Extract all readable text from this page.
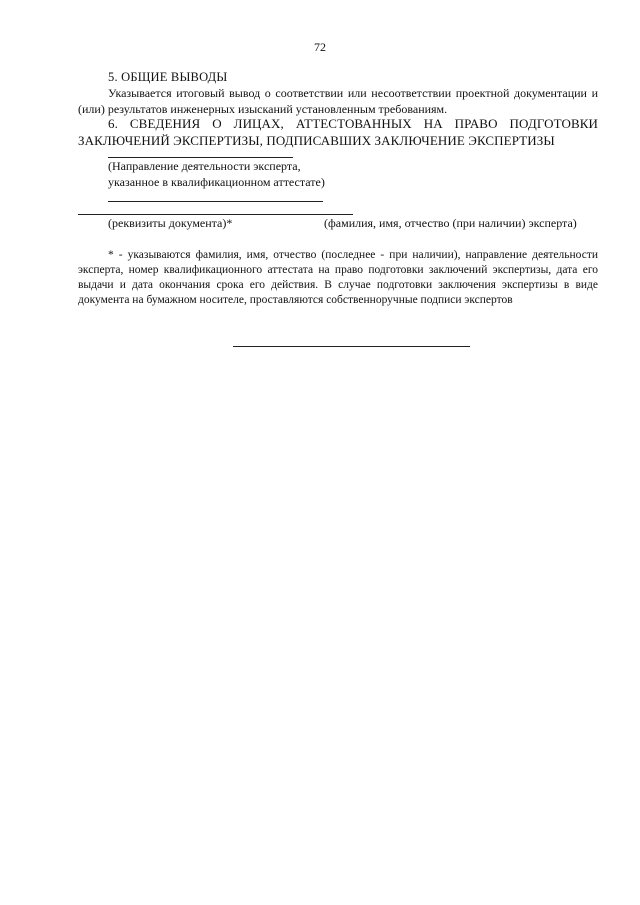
72
5. ОБЩИЕ ВЫВОДЫ
Указывается итоговый вывод о соответствии или несоответствии проектной документации и (или) результатов инженерных изысканий установленным требованиям.
6. СВЕДЕНИЯ О ЛИЦАХ, АТТЕСТОВАННЫХ НА ПРАВО ПОДГОТОВКИ ЗАКЛЮЧЕНИЙ ЭКСПЕРТИЗЫ, ПОДПИСАВШИХ ЗАКЛЮЧЕНИЕ ЭКСПЕРТИЗЫ
(Направление деятельности эксперта,
указанное в квалификационном аттестате)
(реквизиты документа)*	(фамилия, имя, отчество (при наличии) эксперта)
* - указываются фамилия, имя, отчество (последнее - при наличии), направление деятельности эксперта, номер квалификационного аттестата на право подготовки заключений экспертизы, дата его выдачи и дата окончания срока его действия. В случае подготовки заключения экспертизы в виде документа на бумажном носителе, проставляются собственноручные подписи экспертов
